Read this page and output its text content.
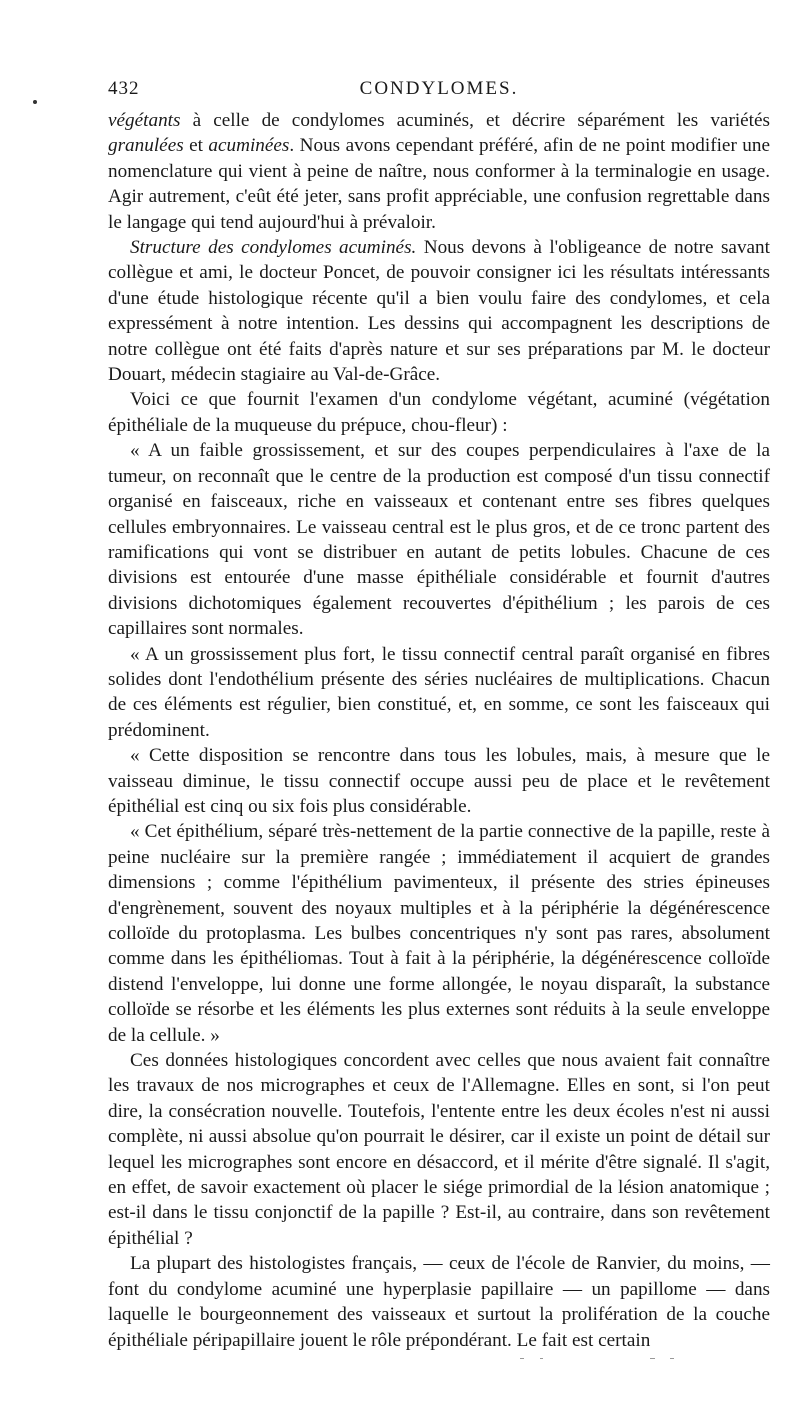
432	CONDYLOMES.

végétants à celle de condylomes acuminés, et décrire séparément les variétés granulées et acuminées. Nous avons cependant préféré, afin de ne point modifier une nomenclature qui vient à peine de naître, nous conformer à la terminalogie en usage. Agir autrement, c'eût été jeter, sans profit appréciable, une confusion regrettable dans le langage qui tend aujourd'hui à prévaloir.

Structure des condylomes acuminés. Nous devons à l'obligeance de notre savant collègue et ami, le docteur Poncet, de pouvoir consigner ici les résultats intéressants d'une étude histologique récente qu'il a bien voulu faire des condylomes, et cela expressément à notre intention. Les dessins qui accompagnent les descriptions de notre collègue ont été faits d'après nature et sur ses préparations par M. le docteur Douart, médecin stagiaire au Val-de-Grâce.

Voici ce que fournit l'examen d'un condylome végétant, acuminé (végétation épithéliale de la muqueuse du prépuce, chou-fleur) :

« A un faible grossissement, et sur des coupes perpendiculaires à l'axe de la tumeur, on reconnaît que le centre de la production est composé d'un tissu connectif organisé en faisceaux, riche en vaisseaux et contenant entre ses fibres quelques cellules embryonnaires. Le vaisseau central est le plus gros, et de ce tronc partent des ramifications qui vont se distribuer en autant de petits lobules. Chacune de ces divisions est entourée d'une masse épithéliale considérable et fournit d'autres divisions dichotomiques également recouvertes d'épithélium ; les parois de ces capillaires sont normales.

« A un grossissement plus fort, le tissu connectif central paraît organisé en fibres solides dont l'endothélium présente des séries nucléaires de multiplications. Chacun de ces éléments est régulier, bien constitué, et, en somme, ce sont les faisceaux qui prédominent.

« Cette disposition se rencontre dans tous les lobules, mais, à mesure que le vaisseau diminue, le tissu connectif occupe aussi peu de place et le revêtement épithélial est cinq ou six fois plus considérable.

« Cet épithélium, séparé très-nettement de la partie connective de la papille, reste à peine nucléaire sur la première rangée ; immédiatement il acquiert de grandes dimensions ; comme l'épithélium pavimenteux, il présente des stries épineuses d'engrènement, souvent des noyaux multiples et à la périphérie la dégénérescence colloïde du protoplasma. Les bulbes concentriques n'y sont pas rares, absolument comme dans les épithéliomas. Tout à fait à la périphérie, la dégénérescence colloïde distend l'enveloppe, lui donne une forme allongée, le noyau disparaît, la substance colloïde se résorbe et les éléments les plus externes sont réduits à la seule enveloppe de la cellule. »

Ces données histologiques concordent avec celles que nous avaient fait connaître les travaux de nos micrographes et ceux de l'Allemagne. Elles en sont, si l'on peut dire, la consécration nouvelle. Toutefois, l'entente entre les deux écoles n'est ni aussi complète, ni aussi absolue qu'on pourrait le désirer, car il existe un point de détail sur lequel les micrographes sont encore en désaccord, et il mérite d'être signalé. Il s'agit, en effet, de savoir exactement où placer le siége primordial de la lésion anatomique ; est-il dans le tissu conjonctif de la papille ? Est-il, au contraire, dans son revêtement épithélial ?

La plupart des histologistes français, — ceux de l'école de Ranvier, du moins, — font du condylome acuminé une hyperplasie papillaire — un papillome — dans laquelle le bourgeonnement des vaisseaux et surtout la prolifération de la couche épithéliale péripapillaire jouent le rôle prépondérant. Le fait est certain
